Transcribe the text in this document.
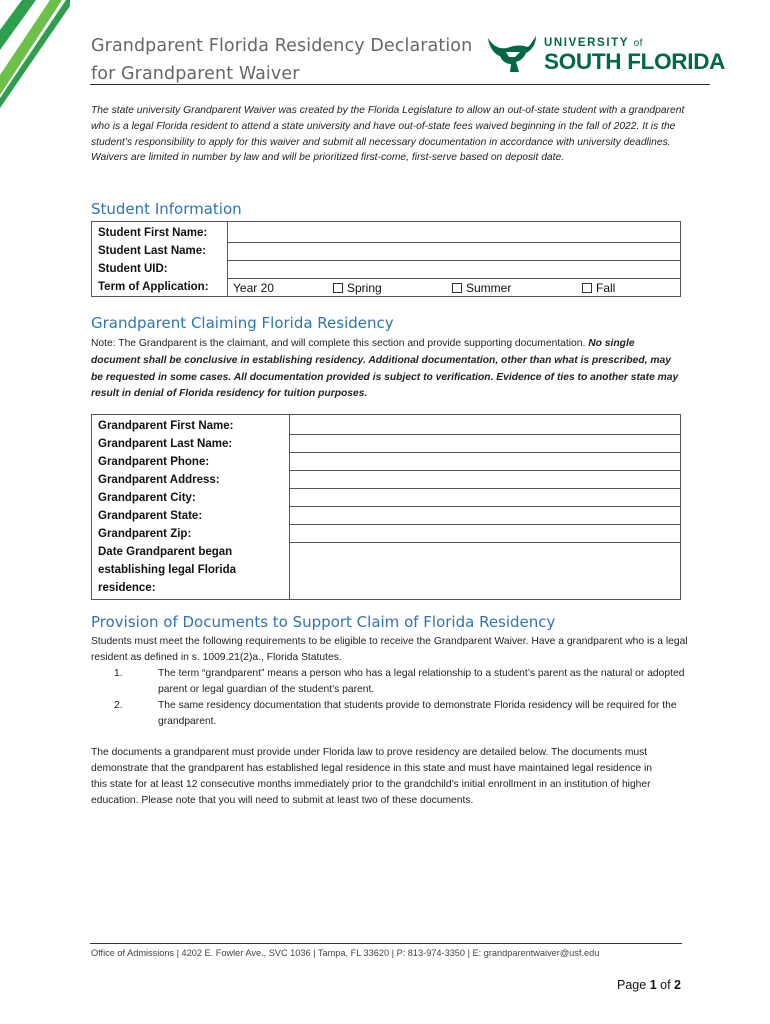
Grandparent Florida Residency Declaration
for Grandparent Waiver
UNIVERSITY of
SOUTH FLORIDA
The state university Grandparent Waiver was created by the Florida Legislature to allow an out-of-state student with a grandparent who is a legal Florida resident to attend a state university and have out-of-state fees waived beginning in the fall of 2022. It is the student’s responsibility to apply for this waiver and submit all necessary documentation in accordance with university deadlines. Waivers are limited in number by law and will be prioritized first-come, first-serve based on deposit date.
Student Information
Student First Name:	
Student Last Name:	
Student UID:	
Term of Application:	Year 20 Spring Summer Fall
Grandparent Claiming Florida Residency
Note: The Grandparent is the claimant, and will complete this section and provide supporting documentation. No single document shall be conclusive in establishing residency. Additional documentation, other than what is prescribed, may be requested in some cases. All documentation provided is subject to verification. Evidence of ties to another state may result in denial of Florida residency for tuition purposes.
Grandparent First Name:
Grandparent Last Name:
Grandparent Phone:
Grandparent Address:
Grandparent City:
Grandparent State:
Grandparent Zip:
Date Grandparent began establishing legal Florida residence:

Provision of Documents to Support Claim of Florida Residency
Students must meet the following requirements to be eligible to receive the Grandparent Waiver. Have a grandparent who is a legal resident as defined in s. 1009.21(2)a., Florida Statutes.
1.	The term “grandparent” means a person who has a legal relationship to a student’s parent as the natural or adopted parent or legal guardian of the student’s parent.
2.	The same residency documentation that students provide to demonstrate Florida residency will be required for the grandparent.
The documents a grandparent must provide under Florida law to prove residency are detailed below. The documents must demonstrate that the grandparent has established legal residence in this state and must have maintained legal residence in this state for at least 12 consecutive months immediately prior to the grandchild’s initial enrollment in an institution of higher education. Please note that you will need to submit at least two of these documents.
Office of Admissions | 4202 E. Fowler Ave., SVC 1036 | Tampa, FL 33620 | P: 813-974-3350 | E: grandparentwaiver@usf.edu
Page 1 of 2
